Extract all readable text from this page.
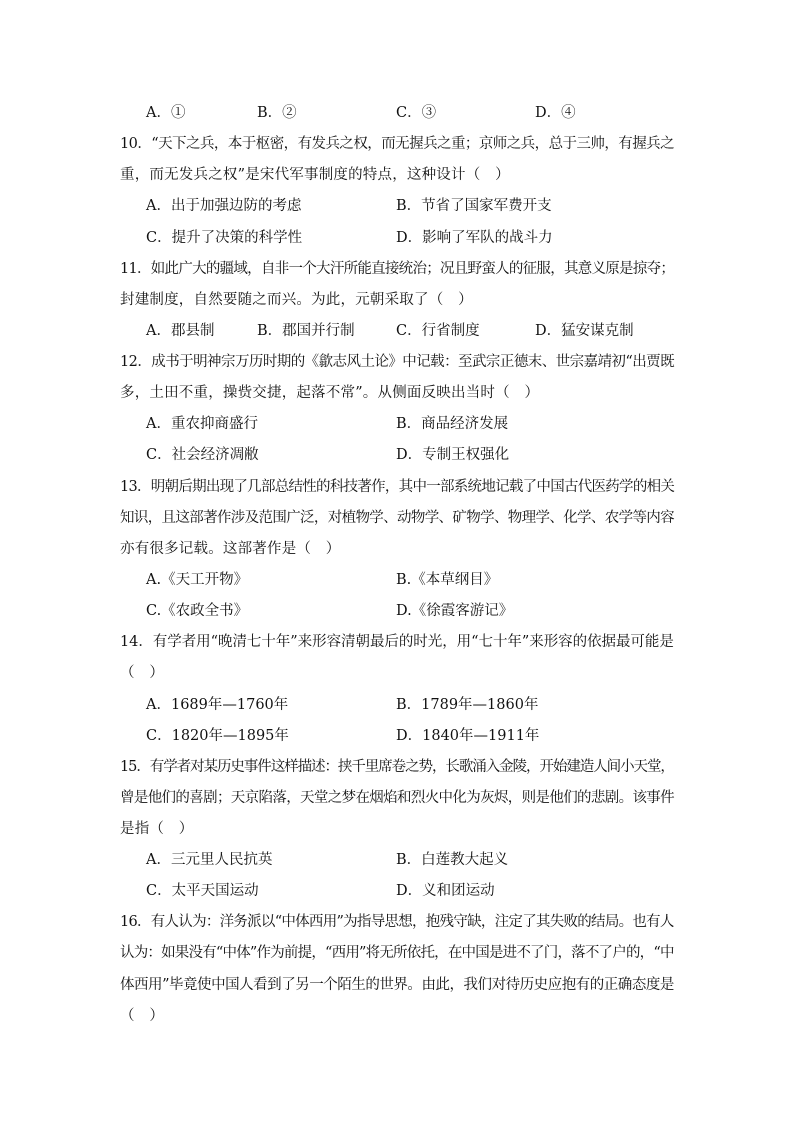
A．①	B．②	C．③	D．④
10．“天下之兵，本于枢密，有发兵之权，而无握兵之重；京师之兵，总于三帅，有握兵之
重，而无发兵之权”是宋代军事制度的特点，这种设计（　）
A．出于加强边防的考虑	B．节省了国家军费开支
C．提升了决策的科学性	D．影响了军队的战斗力
11．如此广大的疆域，自非一个大汗所能直接统治；况且野蛮人的征服，其意义原是掠夺；
封建制度，自然要随之而兴。为此，元朝采取了（　）
A．郡县制	B．郡国并行制	C．行省制度	D．猛安谋克制
12．成书于明神宗万历时期的《歙志风土论》中记载：至武宗正德末、世宗嘉靖初“出贾既
多，土田不重，操赀交捷，起落不常”。从侧面反映出当时（　）
A．重农抑商盛行	B．商品经济发展
C．社会经济凋敝	D．专制王权强化
13．明朝后期出现了几部总结性的科技著作，其中一部系统地记载了中国古代医药学的相关
知识，且这部著作涉及范围广泛，对植物学、动物学、矿物学、物理学、化学、农学等内容
亦有很多记载。这部著作是（　）
A.《天工开物》	B.《本草纲目》
C.《农政全书》	D.《徐霞客游记》
14．有学者用“晚清七十年”来形容清朝最后的时光，用“七十年”来形容的依据最可能是
（　）
A．1689年—1760年	B．1789年—1860年
C．1820年—1895年	D．1840年—1911年
15．有学者对某历史事件这样描述：挟千里席卷之势，长歌涌入金陵，开始建造人间小天堂，
曾是他们的喜剧；天京陷落，天堂之梦在烟焰和烈火中化为灰烬，则是他们的悲剧。该事件
是指（　）
A．三元里人民抗英	B．白莲教大起义
C．太平天国运动	D．义和团运动
16．有人认为：洋务派以“中体西用”为指导思想，抱残守缺，注定了其失败的结局。也有人
认为：如果没有“中体”作为前提，“西用”将无所依托，在中国是进不了门，落不了户的，“中
体西用”毕竟使中国人看到了另一个陌生的世界。由此，我们对待历史应抱有的正确态度是
（　）
